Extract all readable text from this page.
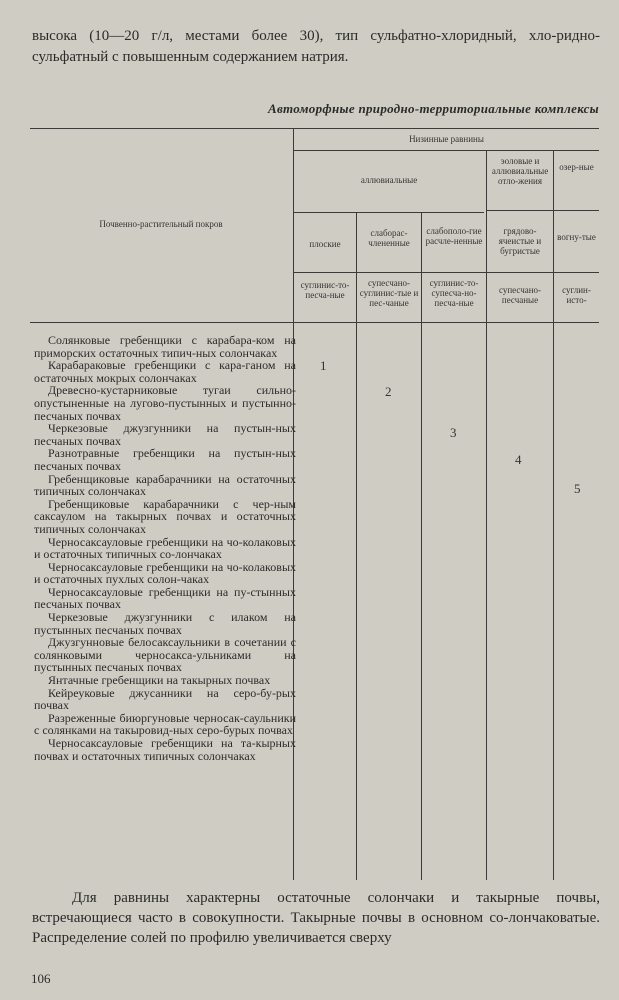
высока (10—20 г/л, местами более 30), тип сульфатно-хлоридный, хло-ридно-сульфатный с повышенным содержанием натрия.

Автоморфные природно-территориальные комплексы
Почвенно-растительный покров
Низинные равнины
аллювиальные
эоловые и аллювиальные отло-жения
озер-ные
плоские
слаборас-члененные
слабополо-гие расчле-ненные
грядово-ячеистые и бугристые
вогну-тые
суглинис-то-песча-ные
супесчано-суглинис-тые и пес-чаные
суглинис-то-супесча-но-песча-ные
супесчано-песчаные
суглин-исто-

Солянковые гребенщики с карабара-ком на приморских остаточных типич-ных солончаках

Карабараковые гребенщики с кара-ганом на остаточных мокрых солончаках

Древесно-кустарниковые тугаи сильно-опустыненные на лугово-пустынных и пустынно-песчаных почвах

Черкезовые джузгунники на пустын-ных песчаных почвах

Разнотравные гребенщики на пустын-ных песчаных почвах

Гребенщиковые карабарачники на остаточных типичных солончаках

Гребенщиковые карабарачники с чер-ным саксаулом на такырных почвах и остаточных типичных солончаках

Черносаксауловые гребенщики на чо-колаковых и остаточных типичных со-лончаках

Черносаксауловые гребенщики на чо-колаковых и остаточных пухлых солон-чаках

Черносаксауловые гребенщики на пу-стынных песчаных почвах

Черкезовые джузгунники с илаком на пустынных песчаных почвах

Джузгунновые белосаксаульники в сочетании с солянковыми черносакса-ульниками на пустынных песчаных почвах

Янтачные гребенщики на такырных почвах

Кейреуковые джусанники на серо-бу-рых почвах

Разреженные биюргуновые черносак-саульники с солянками на такыровид-ных серо-бурых почвах

Черносаксауловые гребенщики на та-кырных почвах и остаточных типичных солончаках

1
2
3
4
5

Для равнины характерны остаточные солончаки и такырные почвы, встречающиеся часто в совокупности. Такырные почвы в основном со-лончаковатые. Распределение солей по профилю увеличивается сверху

106
